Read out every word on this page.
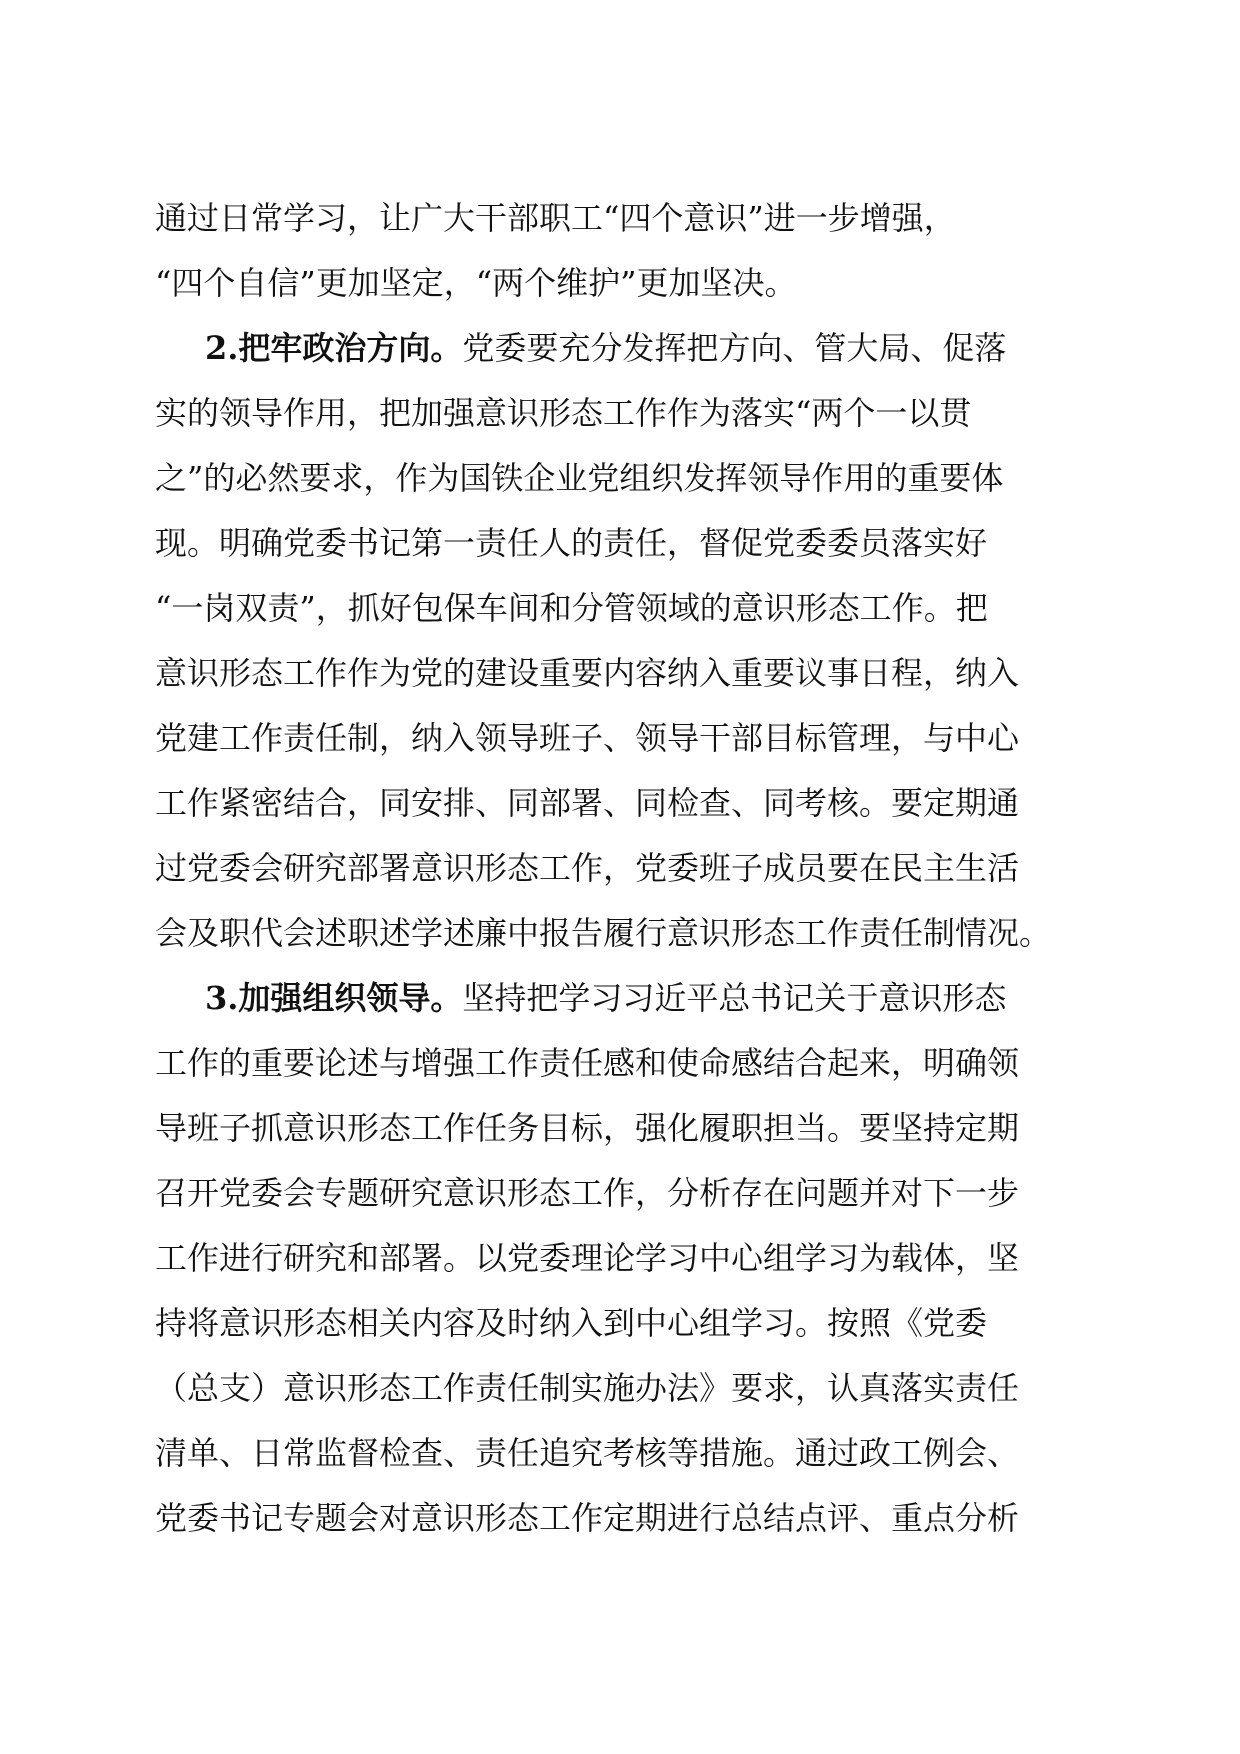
通过日常学习，让广大干部职工“四个意识”进一步增强，
“四个自信”更加坚定，“两个维护”更加坚决。
2.把牢政治方向。党委要充分发挥把方向、管大局、促落
实的领导作用，把加强意识形态工作作为落实“两个一以贯
之”的必然要求，作为国铁企业党组织发挥领导作用的重要体
现。明确党委书记第一责任人的责任，督促党委委员落实好
“一岗双责”，抓好包保车间和分管领域的意识形态工作。把
意识形态工作作为党的建设重要内容纳入重要议事日程，纳入
党建工作责任制，纳入领导班子、领导干部目标管理，与中心
工作紧密结合，同安排、同部署、同检查、同考核。要定期通
过党委会研究部署意识形态工作，党委班子成员要在民主生活
会及职代会述职述学述廉中报告履行意识形态工作责任制情况。
3.加强组织领导。坚持把学习习近平总书记关于意识形态
工作的重要论述与增强工作责任感和使命感结合起来，明确领
导班子抓意识形态工作任务目标，强化履职担当。要坚持定期
召开党委会专题研究意识形态工作，分析存在问题并对下一步
工作进行研究和部署。以党委理论学习中心组学习为载体，坚
持将意识形态相关内容及时纳入到中心组学习。按照《党委
（总支）意识形态工作责任制实施办法》要求，认真落实责任
清单、日常监督检查、责任追究考核等措施。通过政工例会、
党委书记专题会对意识形态工作定期进行总结点评、重点分析
